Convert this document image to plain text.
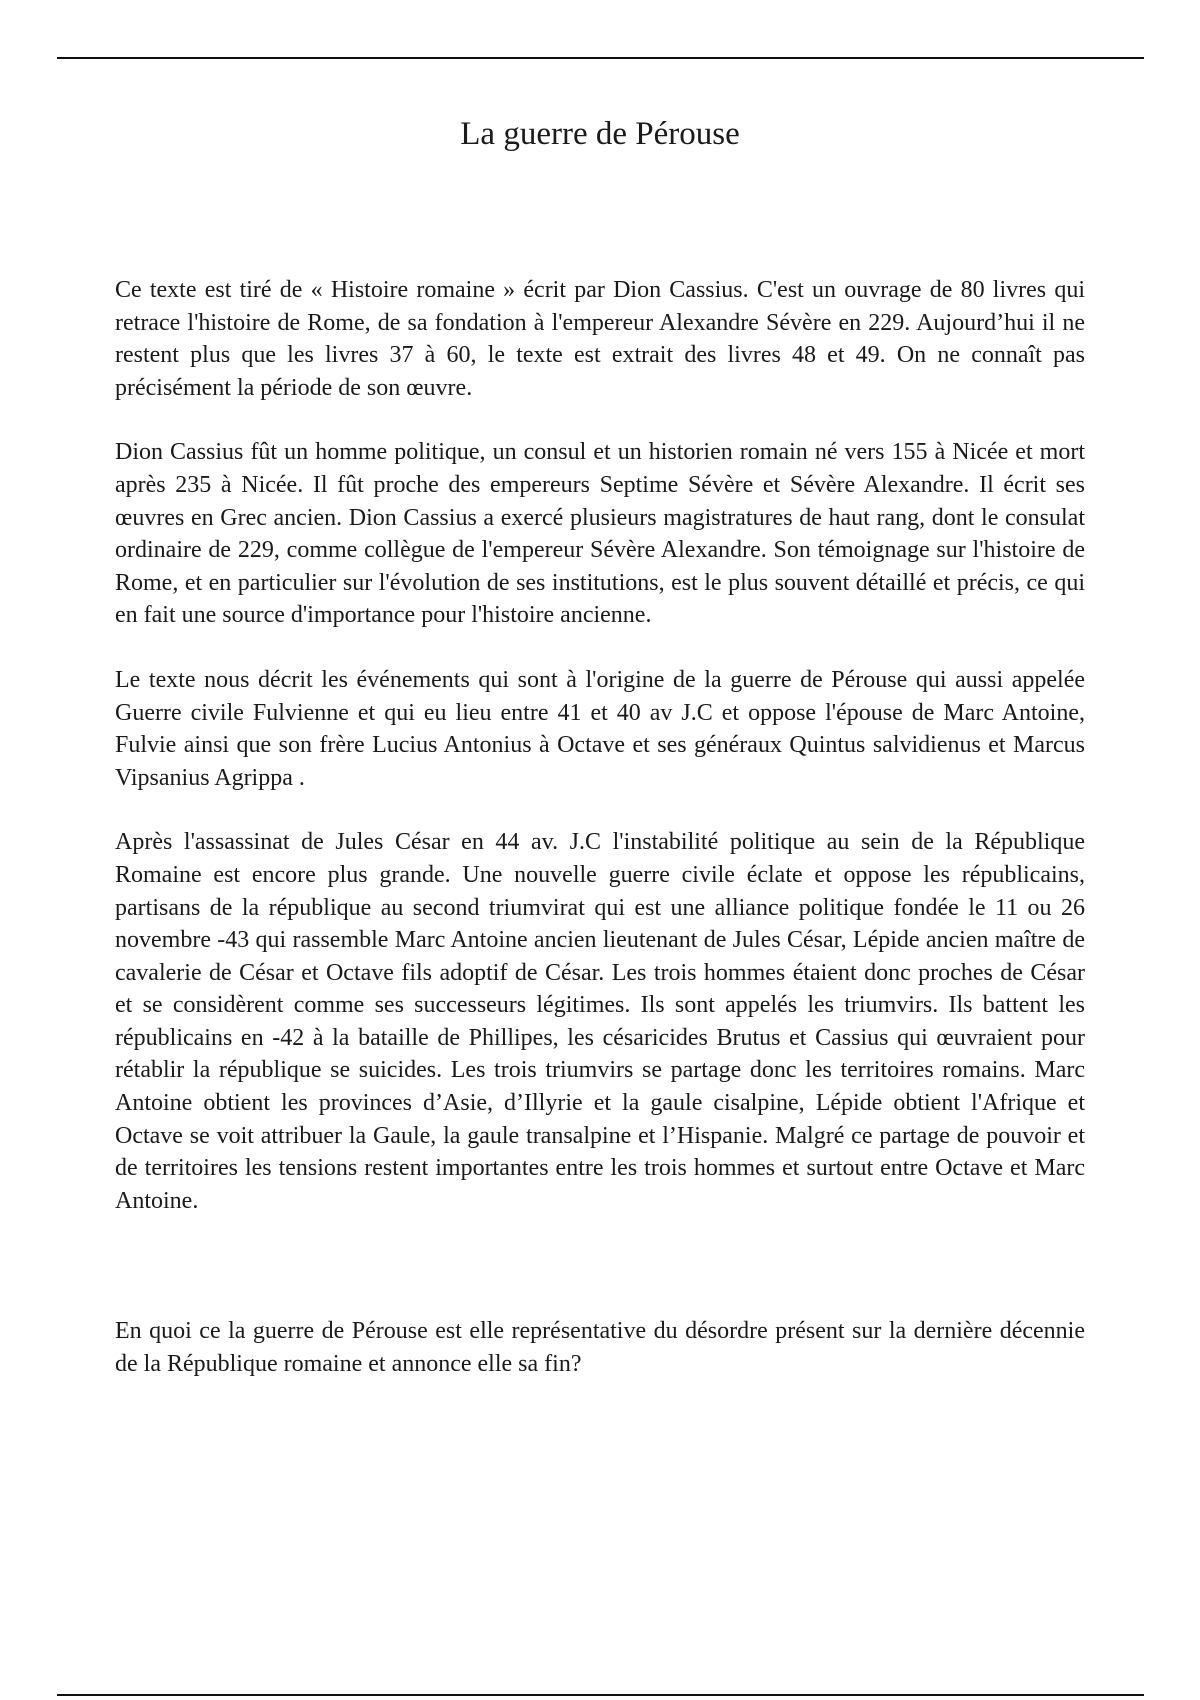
La guerre de Pérouse

Ce texte est tiré de « Histoire romaine » écrit par Dion Cassius. C'est un ouvrage de 80 livres qui retrace l'histoire de Rome, de sa fondation à l'empereur Alexandre Sévère en 229. Aujourd’hui il ne restent plus que les livres 37 à 60, le texte est extrait des livres 48 et 49. On ne connaît pas précisément la période de son œuvre.

Dion Cassius fût un homme politique, un consul et un historien romain né vers 155 à Nicée et mort après 235 à Nicée. Il fût proche des empereurs Septime Sévère et Sévère Alexandre. Il écrit ses œuvres en Grec ancien. Dion Cassius a exercé plusieurs magistratures de haut rang, dont le consulat ordinaire de 229, comme collègue de l'empereur Sévère Alexandre. Son témoignage sur l'histoire de Rome, et en particulier sur l'évolution de ses institutions, est le plus souvent détaillé et précis, ce qui en fait une source d'importance pour l'histoire ancienne.

Le texte nous décrit les événements qui sont à l'origine de la guerre de Pérouse qui aussi appelée Guerre civile Fulvienne et qui eu lieu entre 41 et 40 av J.C et oppose l'épouse de Marc Antoine, Fulvie ainsi que son frère Lucius Antonius à Octave et ses généraux Quintus salvidienus et Marcus Vipsanius Agrippa .

Après l'assassinat de Jules César en 44 av. J.C l'instabilité politique au sein de la République Romaine est encore plus grande. Une nouvelle guerre civile éclate et oppose les républicains, partisans de la république au second triumvirat qui est une alliance politique fondée le 11 ou 26 novembre -43 qui rassemble Marc Antoine ancien lieutenant de Jules César, Lépide ancien maître de cavalerie de César et Octave fils adoptif de César. Les trois hommes étaient donc proches de César et se considèrent comme ses successeurs légitimes. Ils sont appelés les triumvirs. Ils battent les républicains en -42 à la bataille de Phillipes, les césaricides Brutus et Cassius qui œuvraient pour rétablir la république se suicides. Les trois triumvirs se partage donc les territoires romains. Marc Antoine obtient les provinces d’Asie, d’Illyrie et la gaule cisalpine, Lépide obtient l'Afrique et Octave se voit attribuer la Gaule, la gaule transalpine et l’Hispanie. Malgré ce partage de pouvoir et de territoires les tensions restent importantes entre les trois hommes et surtout entre Octave et Marc Antoine.

En quoi ce la guerre de Pérouse est elle représentative du désordre présent sur la dernière décennie de la République romaine et annonce elle sa fin?
